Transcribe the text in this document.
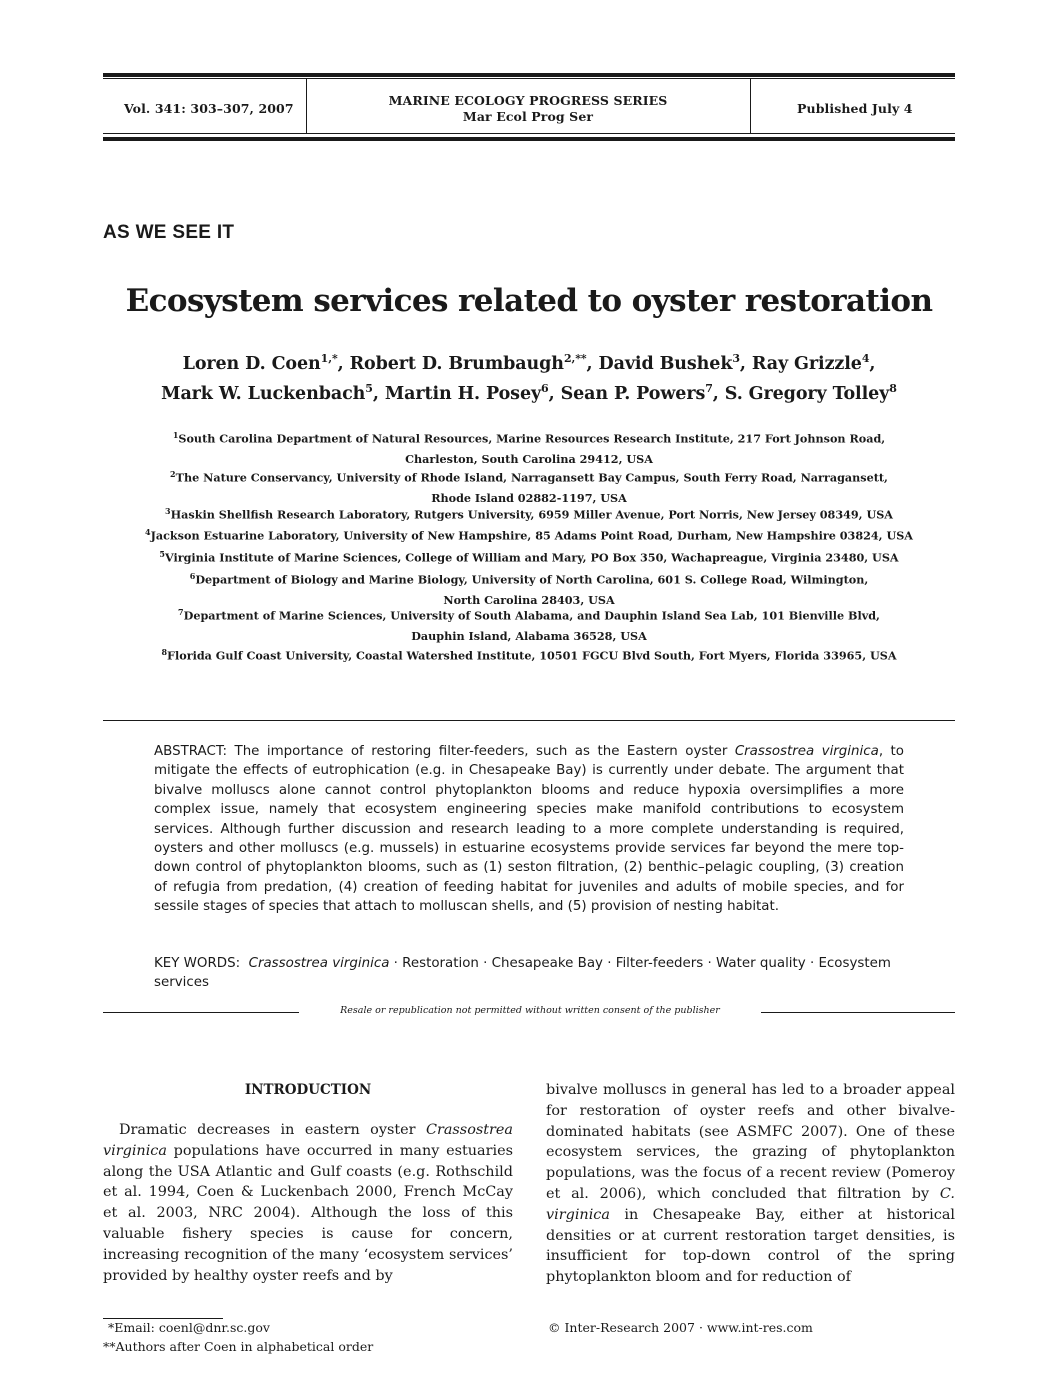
Vol. 341: 303–307, 2007
MARINE ECOLOGY PROGRESS SERIES
Mar Ecol Prog Ser
Published July 4
AS WE SEE IT
Ecosystem services related to oyster restoration
Loren D. Coen$^{1,*}$, Robert D. Brumbaugh$^{2,**}$, David Bushek$^3$, Ray Grizzle$^4$,
Mark W. Luckenbach$^5$, Martin H. Posey$^6$, Sean P. Powers$^7$, S. Gregory Tolley$^8$
$^1$South Carolina Department of Natural Resources, Marine Resources Research Institute, 217 Fort Johnson Road,
Charleston, South Carolina 29412, USA
$^2$The Nature Conservancy, University of Rhode Island, Narragansett Bay Campus, South Ferry Road, Narragansett,
Rhode Island 02882-1197, USA
$^3$Haskin Shellfish Research Laboratory, Rutgers University, 6959 Miller Avenue, Port Norris, New Jersey 08349, USA
$^4$Jackson Estuarine Laboratory, University of New Hampshire, 85 Adams Point Road, Durham, New Hampshire 03824, USA
$^5$Virginia Institute of Marine Sciences, College of William and Mary, PO Box 350, Wachapreague, Virginia 23480, USA
$^6$Department of Biology and Marine Biology, University of North Carolina, 601 S. College Road, Wilmington,
North Carolina 28403, USA
$^7$Department of Marine Sciences, University of South Alabama, and Dauphin Island Sea Lab, 101 Bienville Blvd,
Dauphin Island, Alabama 36528, USA
$^8$Florida Gulf Coast University, Coastal Watershed Institute, 10501 FGCU Blvd South, Fort Myers, Florida 33965, USA
ABSTRACT: The importance of restoring filter-feeders, such as the Eastern oyster Crassostrea virginica, to mitigate the effects of eutrophication (e.g. in Chesapeake Bay) is currently under debate. The argument that bivalve molluscs alone cannot control phytoplankton blooms and reduce hypoxia oversimplifies a more complex issue, namely that ecosystem engineering species make manifold contributions to ecosystem services. Although further discussion and research leading to a more complete understanding is required, oysters and other molluscs (e.g. mussels) in estuarine ecosystems provide services far beyond the mere top-down control of phytoplankton blooms, such as (1) seston filtration, (2) benthic–pelagic coupling, (3) creation of refugia from predation, (4) creation of feeding habitat for juveniles and adults of mobile species, and for sessile stages of species that attach to molluscan shells, and (5) provision of nesting habitat.
KEY WORDS: Crassostrea virginica · Restoration · Chesapeake Bay · Filter-feeders · Water quality · Ecosystem services
Resale or republication not permitted without written consent of the publisher
INTRODUCTION
Dramatic decreases in eastern oyster Crassostrea virginica populations have occurred in many estuaries along the USA Atlantic and Gulf coasts (e.g. Rothschild et al. 1994, Coen & Luckenbach 2000, French McCay et al. 2003, NRC 2004). Although the loss of this valuable fishery species is cause for concern, increasing recognition of the many ‘ecosystem services’ provided by healthy oyster reefs and by
bivalve molluscs in general has led to a broader appeal for restoration of oyster reefs and other bivalve-dominated habitats (see ASMFC 2007). One of these ecosystem services, the grazing of phytoplankton populations, was the focus of a recent review (Pomeroy et al. 2006), which concluded that filtration by C. virginica in Chesapeake Bay, either at historical densities or at current restoration target densities, is insufficient for top-down control of the spring phytoplankton bloom and for reduction of
*Email: coenl@dnr.sc.gov
**Authors after Coen in alphabetical order
© Inter-Research 2007 · www.int-res.com
